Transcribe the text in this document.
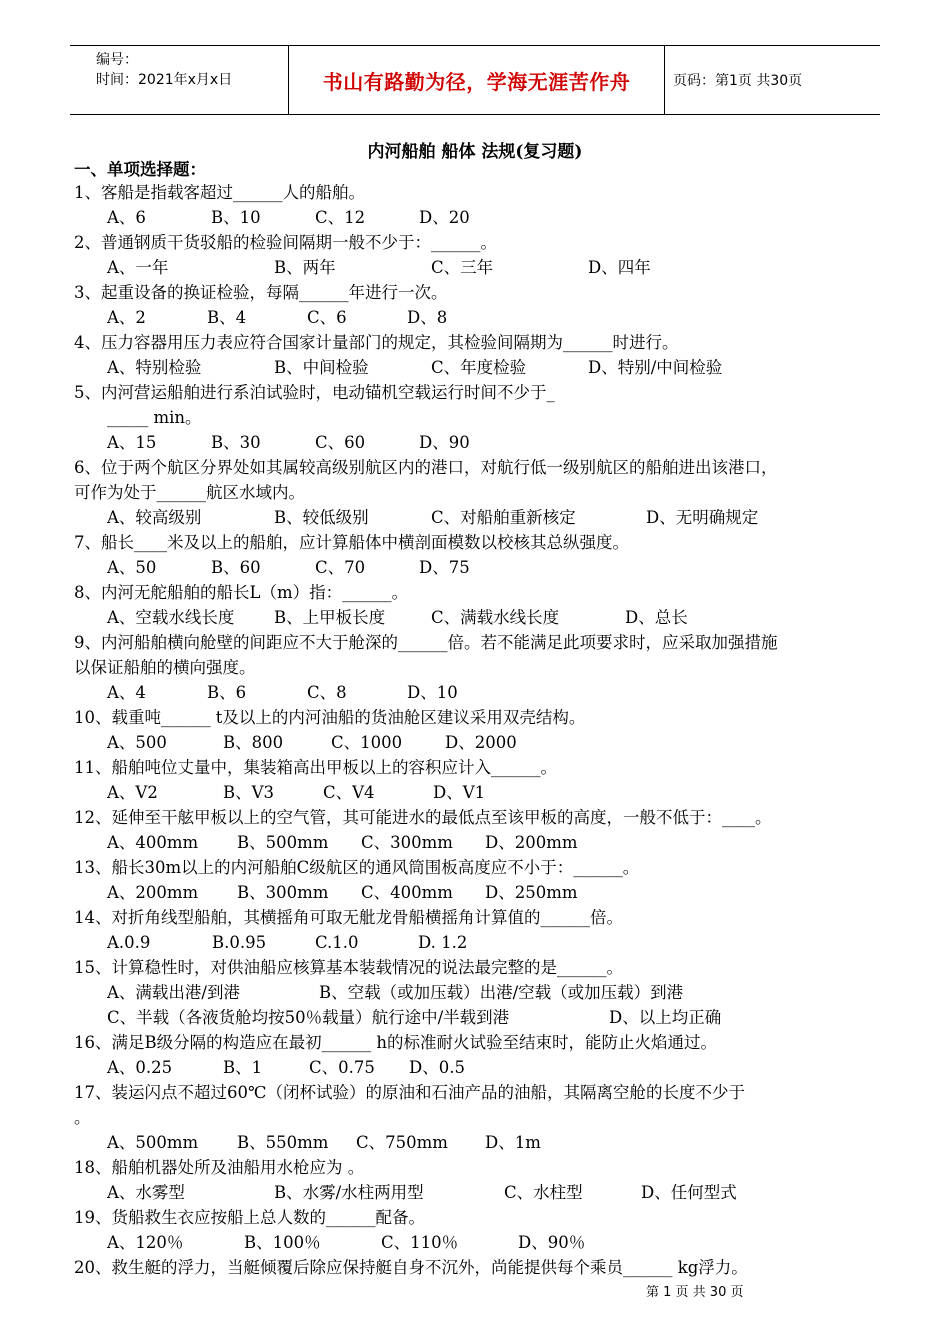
编号：
时间：2021年x月x日	书山有路勤为径，学海无涯苦作舟	页码：第1页 共30页
内河船舶 船体 法规(复习题)
一、单项选择题：
1、客船是指载客超过______人的船舶。
A、6	B、10	C、12	D、20
2、普通钢质干货驳船的检验间隔期一般不少于：______。
A、一年	B、两年	C、三年	D、四年
3、起重设备的换证检验，每隔______年进行一次。
A、2	B、4	C、6	D、8
4、压力容器用压力表应符合国家计量部门的规定，其检验间隔期为______时进行。
A、特别检验	B、中间检验	C、年度检验	D、特别/中间检验
5、内河营运船舶进行系泊试验时，电动锚机空载运行时间不少于_
_____ min。
A、15	B、30	C、60	D、90
6、位于两个航区分界处如其属较高级别航区内的港口，对航行低一级别航区的船舶进出该港口，
可作为处于______航区水域内。
A、较高级别	B、较低级别	C、对船舶重新核定	D、无明确规定
7、船长____米及以上的船舶，应计算船体中横剖面模数以校核其总纵强度。
A、50	B、60	C、70	D、75
8、内河无舵船舶的船长L（m）指：______。
A、空载水线长度	B、上甲板长度	C、满载水线长度	D、总长
9、内河船舶横向舱壁的间距应不大于舱深的______倍。若不能满足此项要求时，应采取加强措施
以保证船舶的横向强度。
A、4	B、6	C、8	D、10
10、载重吨______ t及以上的内河油船的货油舱区建议采用双壳结构。
A、500	B、800	C、1000	D、2000
11、船舶吨位丈量中，集装箱高出甲板以上的容积应计入______。
A、V2	B、V3	C、V4	D、V1
12、延伸至干舷甲板以上的空气管，其可能进水的最低点至该甲板的高度，一般不低于：____。
A、400mm	B、500mm	C、300mm	D、200mm
13、船长30m以上的内河船舶C级航区的通风筒围板高度应不小于：______。
A、200mm	B、300mm	C、400mm	D、250mm
14、对折角线型船舶，其横摇角可取无舭龙骨船横摇角计算值的______倍。
A.0.9	B.0.95	C.1.0	D. 1.2
15、计算稳性时，对供油船应核算基本装载情况的说法最完整的是______。
A、满载出港/到港	B、空载（或加压载）出港/空载（或加压载）到港
C、半载（各液货舱均按50％载量）航行途中/半载到港	D、以上均正确
16、满足B级分隔的构造应在最初______ h的标准耐火试验至结束时，能防止火焰通过。
A、0.25	B、1	C、0.75	D、0.5
17、装运闪点不超过60℃（闭杯试验）的原油和石油产品的油船，其隔离空舱的长度不少于
。
A、500mm	B、550mm	C、750mm	D、1m
18、船舶机器处所及油船用水枪应为 。
A、水雾型	B、水雾/水柱两用型	C、水柱型	D、任何型式
19、货船救生衣应按船上总人数的______配备。
A、120％	B、100％	C、110％	D、90％
20、救生艇的浮力，当艇倾覆后除应保持艇自身不沉外，尚能提供每个乘员______ kg浮力。
第 1 页 共 30 页
